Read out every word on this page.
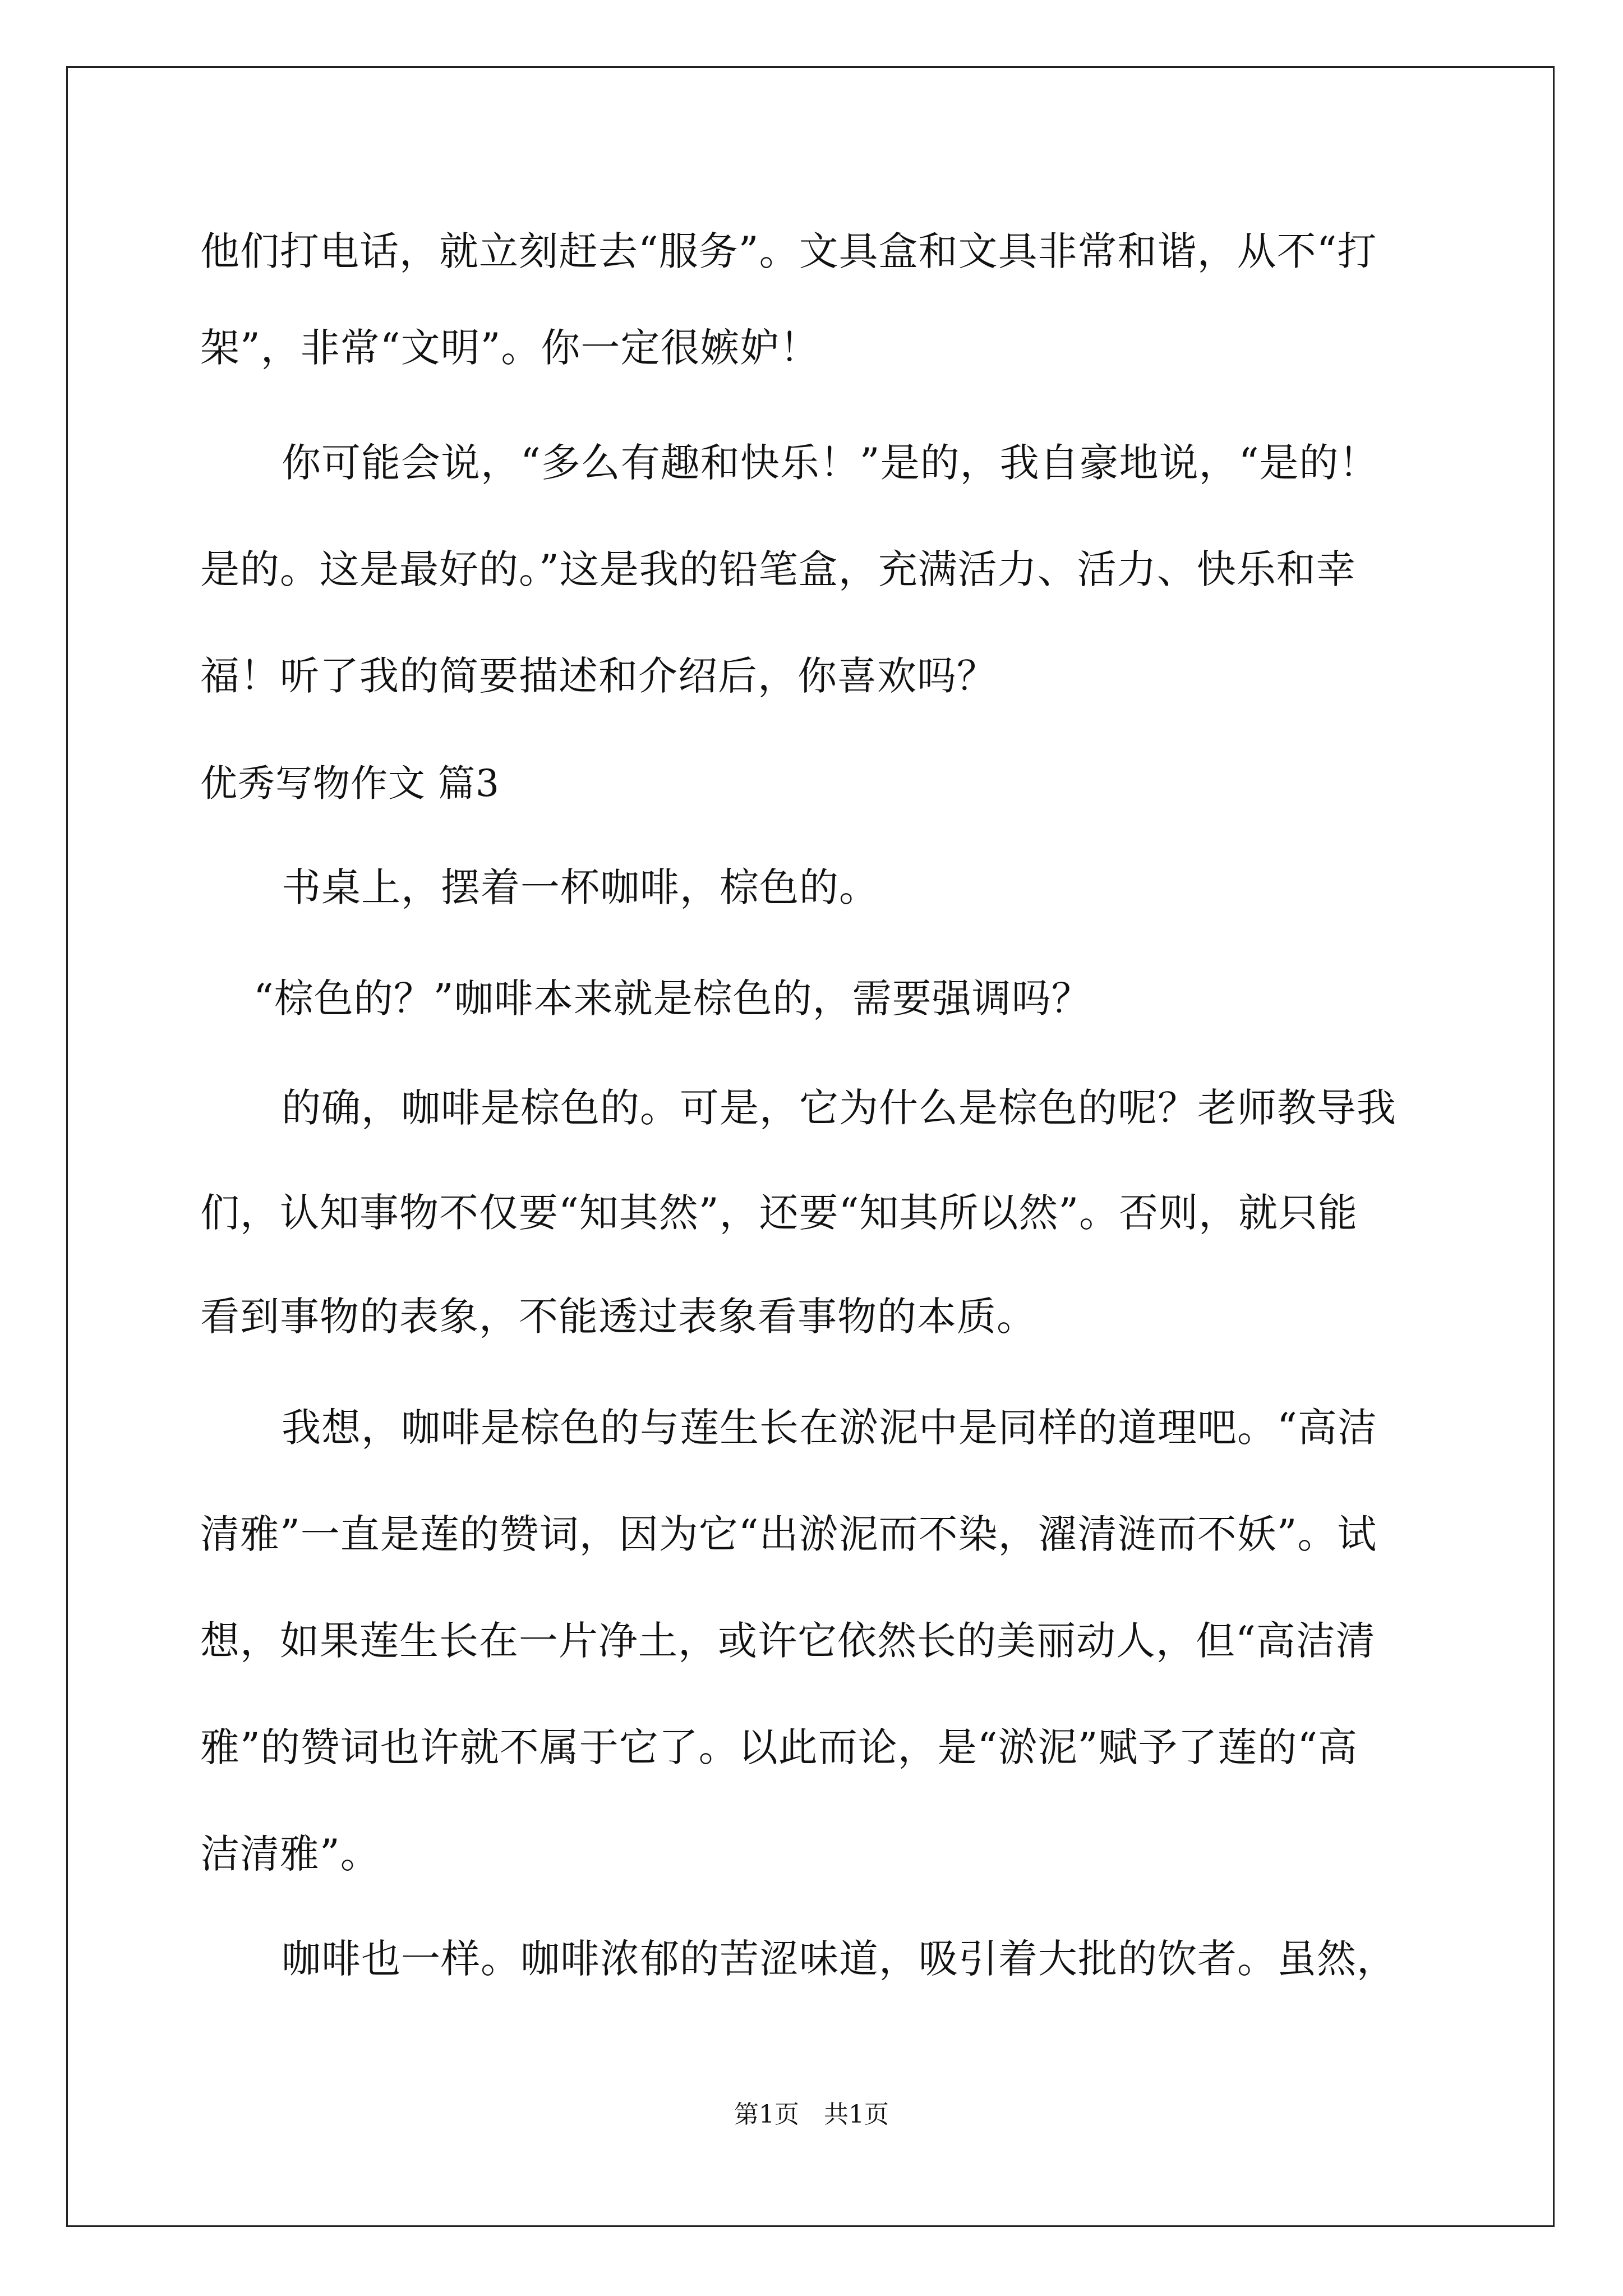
他们打电话，就立刻赶去“服务”。文具盒和文具非常和谐，从不“打
架”，非常“文明”。你一定很嫉妒！
你可能会说，“多么有趣和快乐！”是的，我自豪地说，“是的！
是的。这是最好的。”这是我的铅笔盒，充满活力、活力、快乐和幸
福！听了我的简要描述和介绍后，你喜欢吗？
优秀写物作文 篇3
书桌上，摆着一杯咖啡，棕色的。
“棕色的？”咖啡本来就是棕色的，需要强调吗？
的确，咖啡是棕色的。可是，它为什么是棕色的呢？老师教导我
们，认知事物不仅要“知其然”，还要“知其所以然”。否则，就只能
看到事物的表象，不能透过表象看事物的本质。
我想，咖啡是棕色的与莲生长在淤泥中是同样的道理吧。“高洁
清雅”一直是莲的赞词，因为它“出淤泥而不染，濯清涟而不妖”。试
想，如果莲生长在一片净土，或许它依然长的美丽动人，但“高洁清
雅”的赞词也许就不属于它了。以此而论，是“淤泥”赋予了莲的“高
洁清雅”。
咖啡也一样。咖啡浓郁的苦涩味道，吸引着大批的饮者。虽然，
第1页　共1页
